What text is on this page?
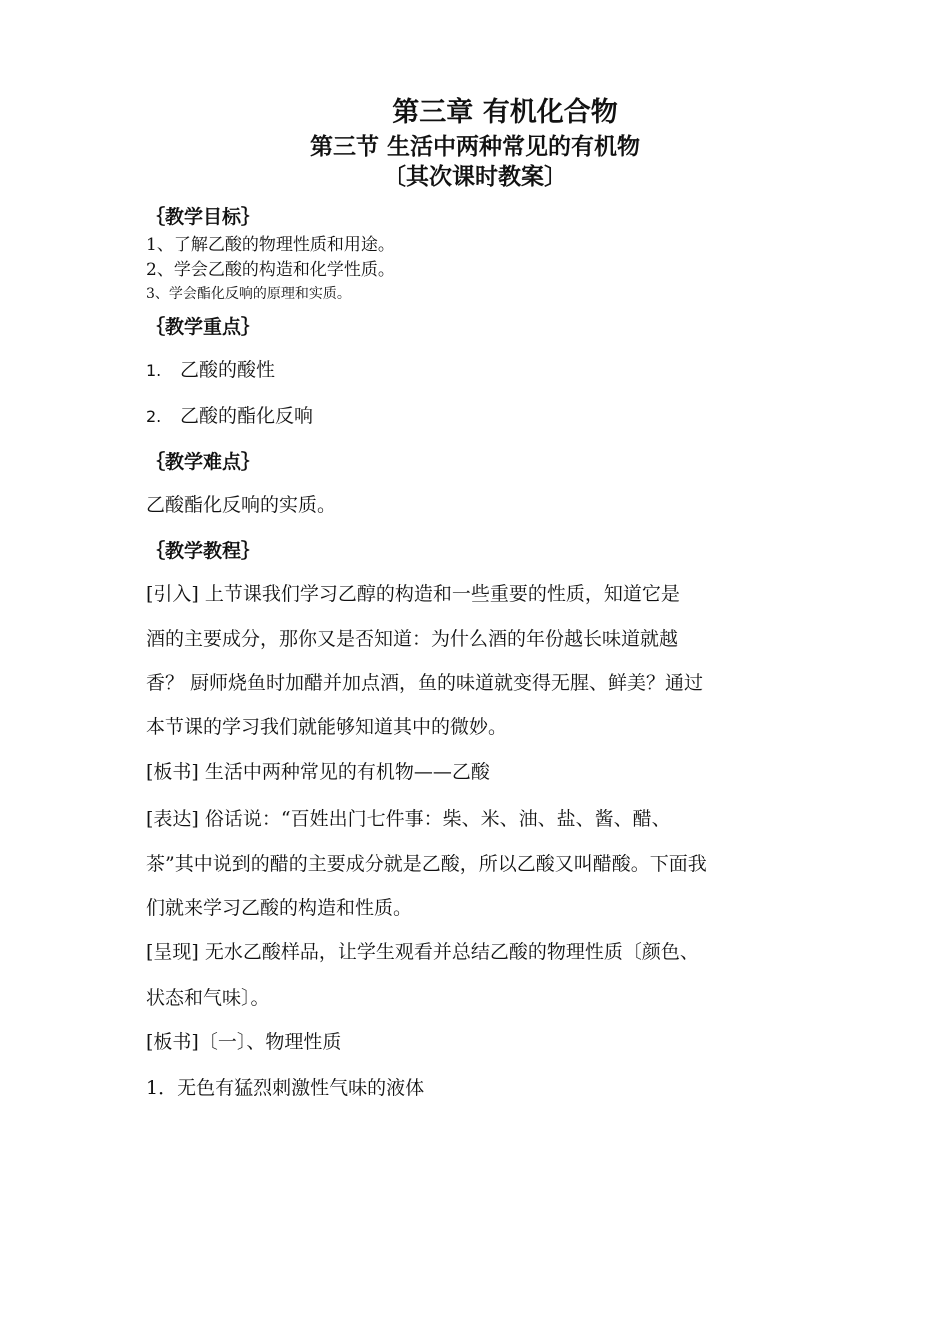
第三章 有机化合物
第三节 生活中两种常见的有机物
〔其次课时教案〕
｛教学目标｝
1、了解乙酸的物理性质和用途。
2、学会乙酸的构造和化学性质。
3、学会酯化反响的原理和实质。
｛教学重点｝
1. 乙酸的酸性
2. 乙酸的酯化反响
｛教学难点｝
乙酸酯化反响的实质。
｛教学教程｝
[引入] 上节课我们学习乙醇的构造和一些重要的性质，知道它是
酒的主要成分，那你又是否知道：为什么酒的年份越长味道就越
香？ 厨师烧鱼时加醋并加点酒，鱼的味道就变得无腥、鲜美？通过
本节课的学习我们就能够知道其中的微妙。
[板书] 生活中两种常见的有机物——乙酸
[表达] 俗话说：“百姓出门七件事：柴、米、油、盐、酱、醋、
茶”其中说到的醋的主要成分就是乙酸，所以乙酸又叫醋酸。下面我
们就来学习乙酸的构造和性质。
[呈现] 无水乙酸样品，让学生观看并总结乙酸的物理性质〔颜色、
状态和气味〕。
[板书]〔一〕、物理性质
1．无色有猛烈刺激性气味的液体
